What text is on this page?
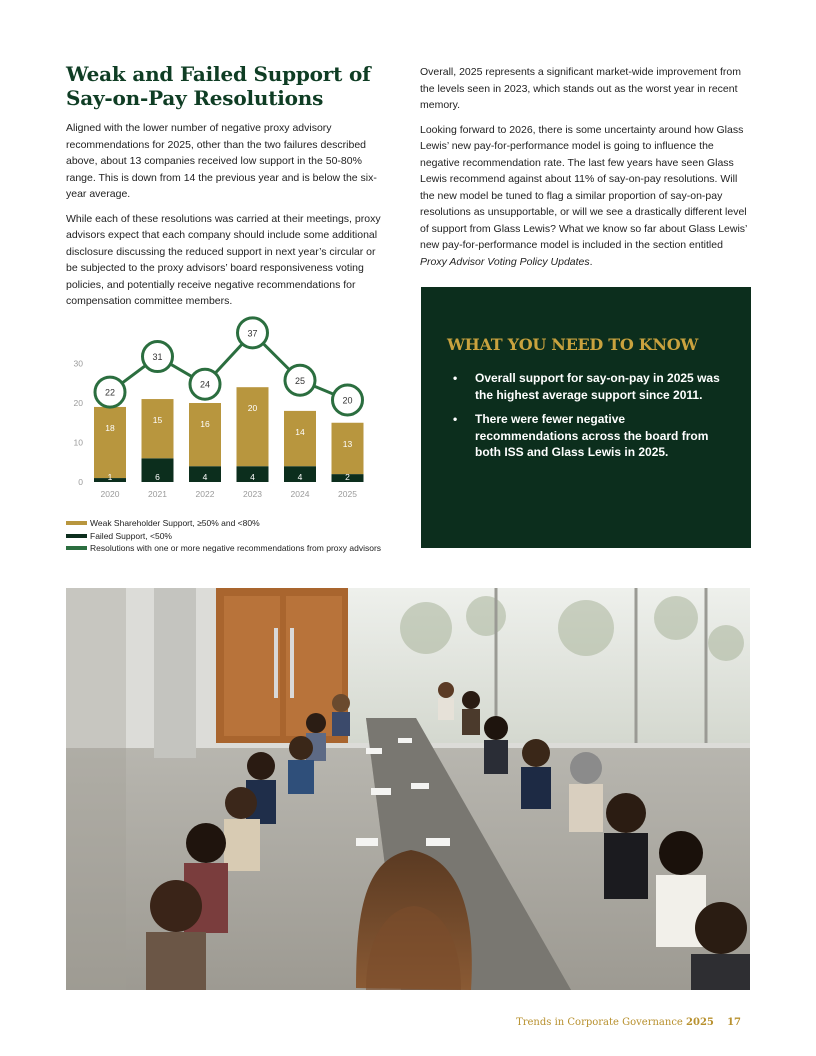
Weak and Failed Support of Say-on-Pay Resolutions

Aligned with the lower number of negative proxy advisory recommendations for 2025, other than the two failures described above, about 13 companies received low support in the 50-80% range. This is down from 14 the previous year and is below the six-year average.

While each of these resolutions was carried at their meetings, proxy advisors expect that each company should include some additional disclosure discussing the reduced support in next year’s circular or be subjected to the proxy advisors’ board responsiveness voting policies, and potentially receive negative recommendations for compensation committee members.

Overall, 2025 represents a significant market-wide improvement from the levels seen in 2023, which stands out as the worst year in recent memory.

Looking forward to 2026, there is some uncertainty around how Glass Lewis’ new pay-for-performance model is going to influence the negative recommendation rate. The last few years have seen Glass Lewis recommend against about 11% of say-on-pay resolutions. Will the new model be tuned to flag a similar proportion of say-on-pay resolutions as unsupportable, or will we see a drastically different level of support from Glass Lewis? What we know so far about Glass Lewis’ new pay-for-performance model is included in the section entitled Proxy Advisor Voting Policy Updates.

0
10
20
30
1
18
2020
6
15
2021
4
16
2022
4
20
2023
4
14
2024
2
13
2025
22
31
24
37
25
20
Weak Shareholder Support, ≥50% and <80%
Failed Support, <50%
Resolutions with one or more negative recommendations from proxy advisors
WHAT YOU NEED TO KNOW
• Overall support for say-on-pay in 2025 was the highest average support since 2011.
• There were fewer negative recommendations across the board from both ISS and Glass Lewis in 2025.
Trends in Corporate Governance 2025 17
